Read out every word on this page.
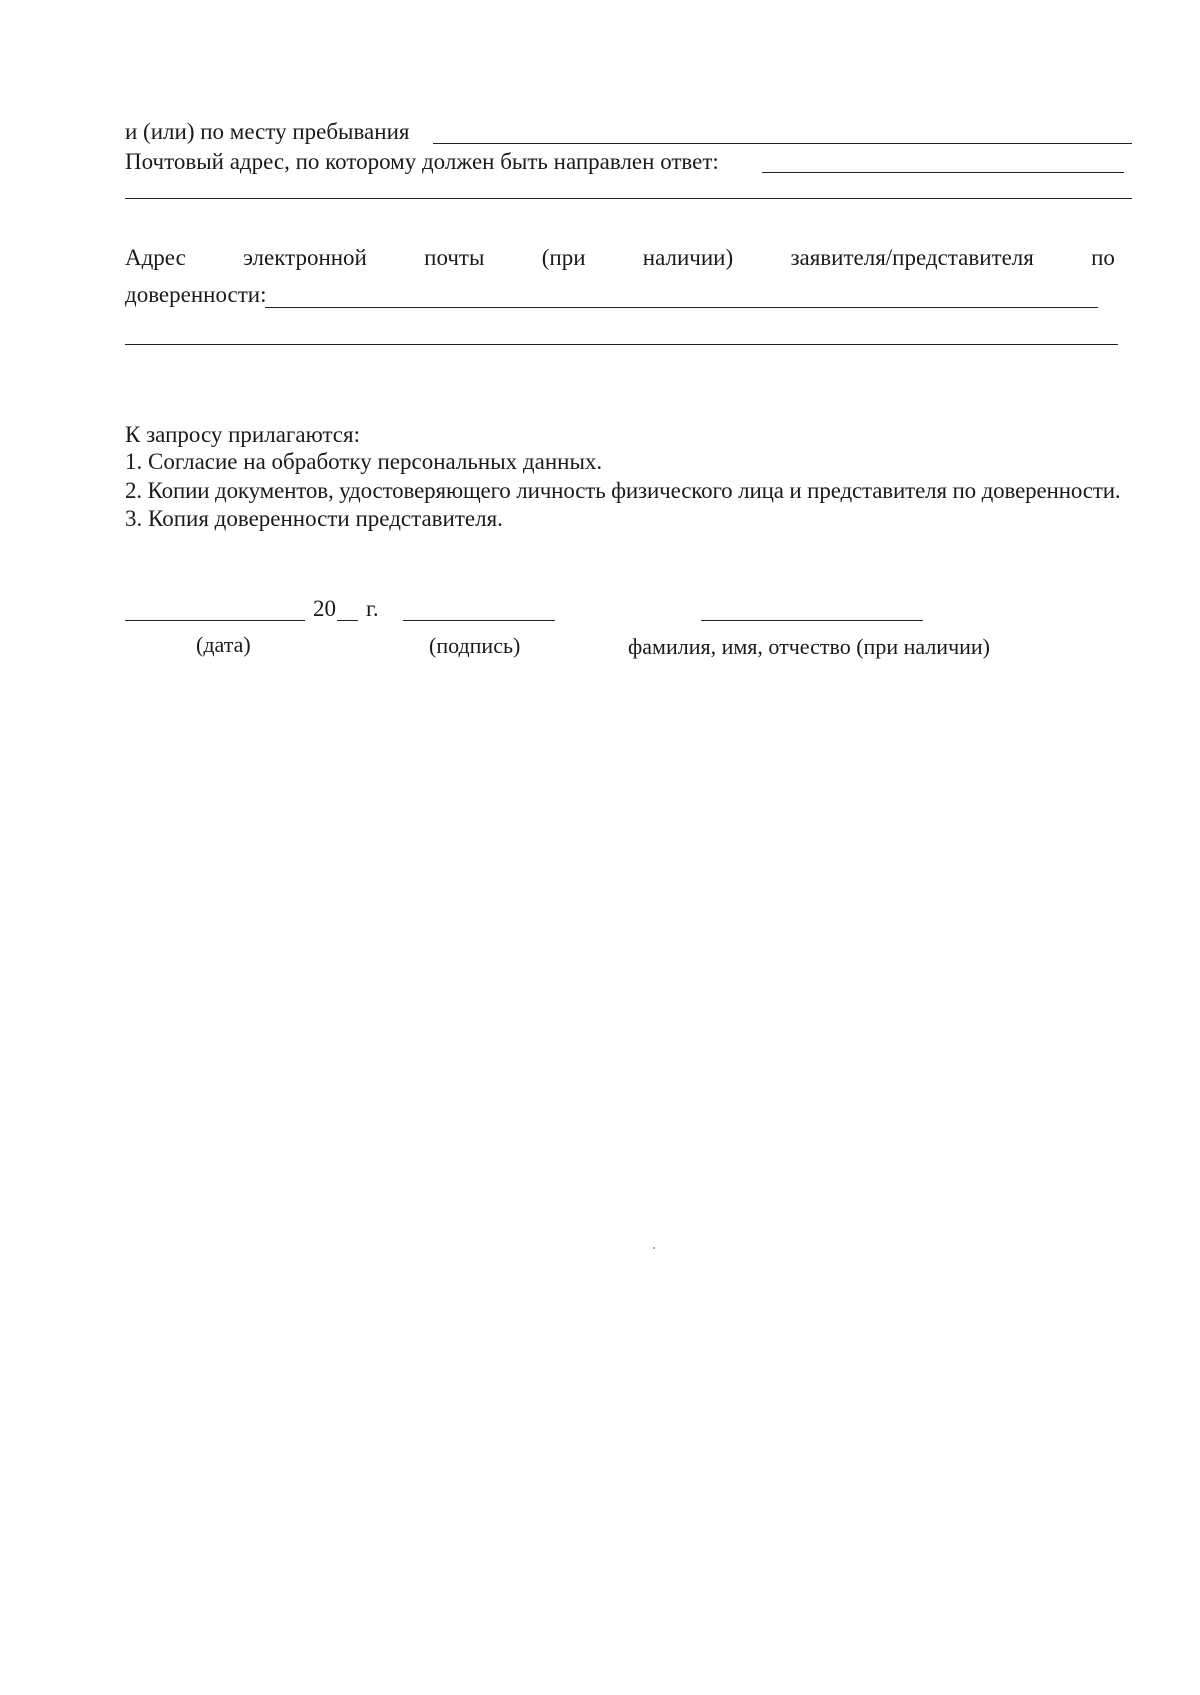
и (или) по месту пребывания
Почтовый адрес, по которому должен быть направлен ответ:
Адрес электронной почты (при наличии) заявителя/представителя по
доверенности:
К запросу прилагаются:
1. Согласие на обработку персональных данных.
2. Копии документов, удостоверяющего личность физического лица и представителя по доверенности.
3. Копия доверенности представителя.
20 г.
(дата)	(подпись)	фамилия, имя, отчество (при наличии)
